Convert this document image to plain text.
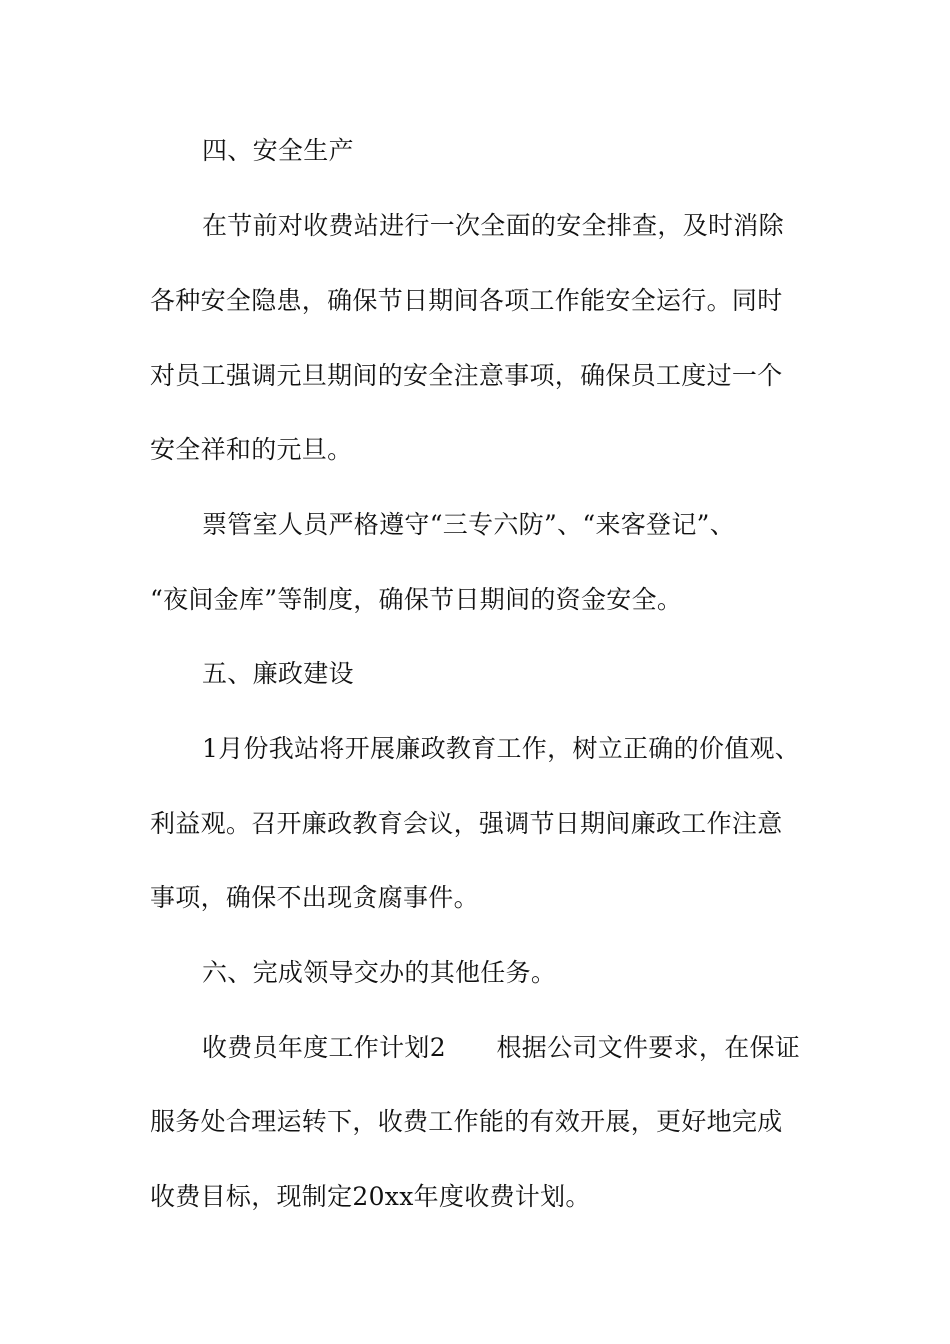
四、安全生产
在节前对收费站进行一次全面的安全排查，及时消除
各种安全隐患，确保节日期间各项工作能安全运行。同时
对员工强调元旦期间的安全注意事项，确保员工度过一个
安全祥和的元旦。
票管室人员严格遵守“三专六防”、“来客登记”、
“夜间金库”等制度，确保节日期间的资金安全。
五、廉政建设
1月份我站将开展廉政教育工作，树立正确的价值观、
利益观。召开廉政教育会议，强调节日期间廉政工作注意
事项，确保不出现贪腐事件。
六、完成领导交办的其他任务。
收费员年度工作计划2　　根据公司文件要求，在保证
服务处合理运转下，收费工作能的有效开展，更好地完成
收费目标，现制定20xx年度收费计划。
